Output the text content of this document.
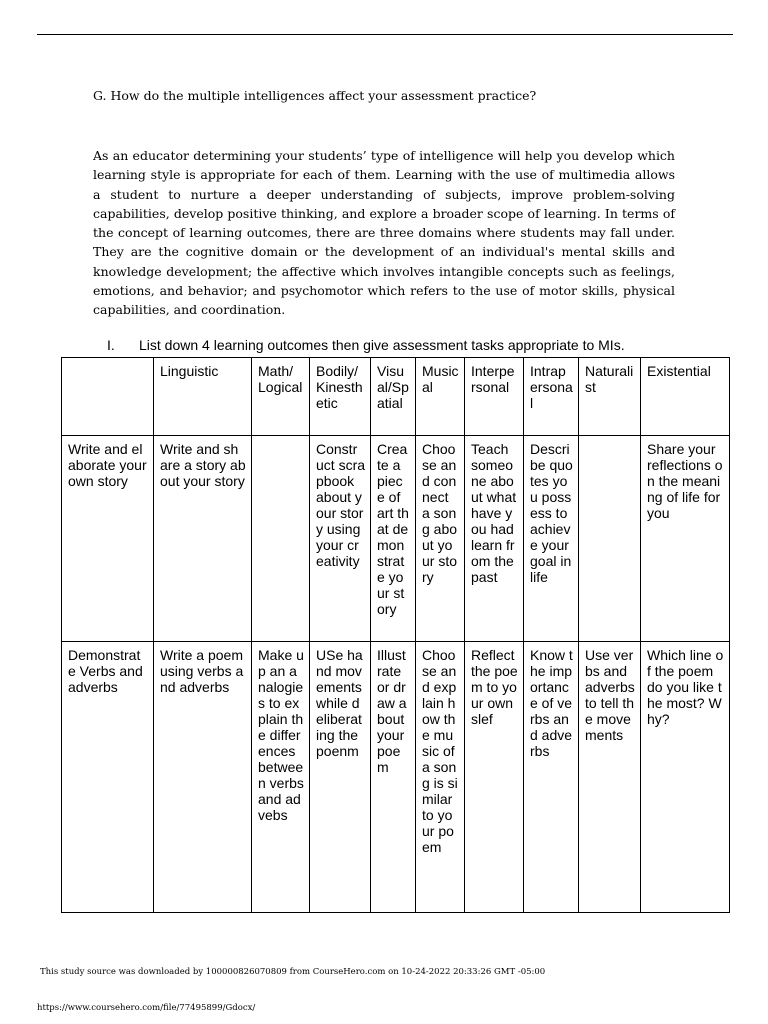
G. How do the multiple intelligences affect your assessment practice?
As an educator determining your students’ type of intelligence will help you develop which learning style is appropriate for each of them. Learning with the use of multimedia allows a student to nurture a deeper understanding of subjects, improve problem-solving capabilities, develop positive thinking, and explore a broader scope of learning. In terms of the concept of learning outcomes, there are three domains where students may fall under. They are the cognitive domain or the development of an individual's mental skills and knowledge development; the affective which involves intangible concepts such as feelings, emotions, and behavior; and psychomotor which refers to the use of motor skills, physical capabilities, and coordination.
I. List down 4 learning outcomes then give assessment tasks appropriate to MIs.
	Linguistic	Math/ Logical	Bodily/ Kinesthetic	Visual/Spatial	Musical	Interpersonal	Intrapersonal	Naturalist	Existential
Write and elaborate your own story	Write and share a story about your story		Construct scrapbook about your story using your creativity	Create a piece of art that demonstrate your story	Choose and connect a song about your story	Teach someone about what have you had learn from the past	Describe quotes you possess to achieve your goal in life		Share your reflections on the meaning of life for you
Demonstrate Verbs and adverbs	Write a poem using verbs and adverbs	Make up an analogies to explain the differences between verbs and advebs	USe hand movements while deliberating the poenm	Illustrate or draw about your poem	Choose and explain how the music of a song is similar to your poem	Reflect the poem to your own slef	Know the importance of verbs and adverbs	Use verbs and adverbs to tell the movements	Which line of the poem do you like the most? Why?
This study source was downloaded by 100000826070809 from CourseHero.com on 10-24-2022 20:33:26 GMT -05:00
https://www.coursehero.com/file/77495899/Gdocx/
